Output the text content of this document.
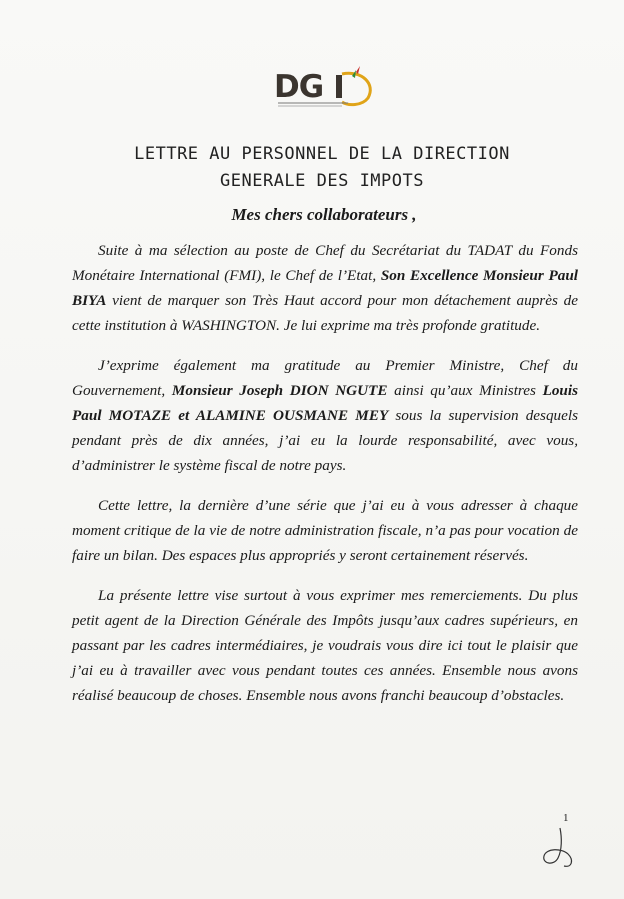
DG
LETTRE AU PERSONNEL DE LA DIRECTION
GENERALE DES IMPOTS
Mes chers collaborateurs ,

Suite à ma sélection au poste de Chef du Secrétariat du TADAT du Fonds Monétaire International (FMI), le Chef de l’Etat, Son Excellence Monsieur Paul BIYA vient de marquer son Très Haut accord pour mon détachement auprès de cette institution à WASHINGTON. Je lui exprime ma très profonde gratitude.

J’exprime également ma gratitude au Premier Ministre, Chef du Gouvernement, Monsieur Joseph DION NGUTE ainsi qu’aux Ministres Louis Paul MOTAZE et ALAMINE OUSMANE MEY sous la supervision desquels pendant près de dix années, j’ai eu la lourde responsabilité, avec vous, d’administrer le système fiscal de notre pays.

Cette lettre, la dernière d’une série que j’ai eu à vous adresser à chaque moment critique de la vie de notre administration fiscale, n’a pas pour vocation de faire un bilan. Des espaces plus appropriés y seront certainement réservés.

La présente lettre vise surtout à vous exprimer mes remerciements. Du plus petit agent de la Direction Générale des Impôts jusqu’aux cadres supérieurs, en passant par les cadres intermédiaires, je voudrais vous dire ici tout le plaisir que j’ai eu à travailler avec vous pendant toutes ces années. Ensemble nous avons réalisé beaucoup de choses. Ensemble nous avons franchi beaucoup d’obstacles.

1
